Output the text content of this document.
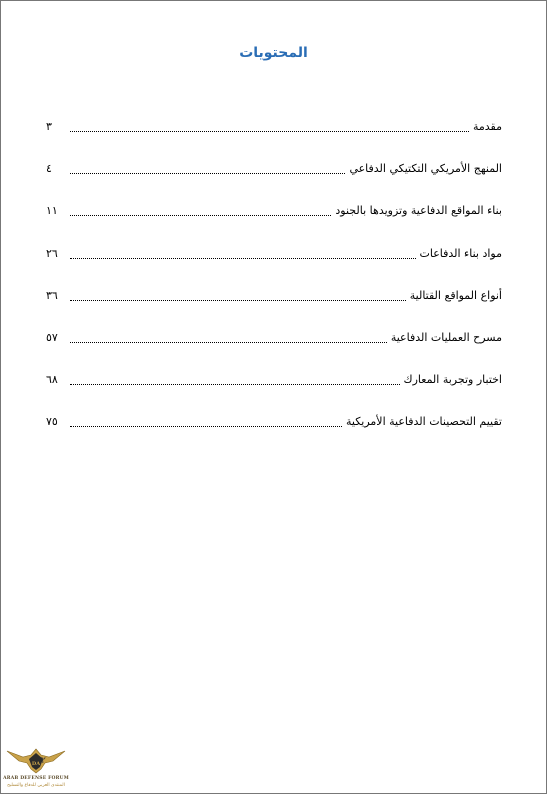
المحتويات
مقدمة
٣
المنهج الأمريكي التكتيكي الدفاعي
٤
بناء المواقع الدفاعية وتزويدها بالجنود
١١
مواد بناء الدفاعات
٢٦
أنواع المواقع القتالية
٣٦
مسرح العمليات الدفاعية
٥٧
اختبار وتجربة المعارك
٦٨
تقييم التحصينات الدفاعية الأمريكية
٧٥
DA
ARAB DEFENSE FORUM
المنتدى العربي للدفاع والتسليح
٢
